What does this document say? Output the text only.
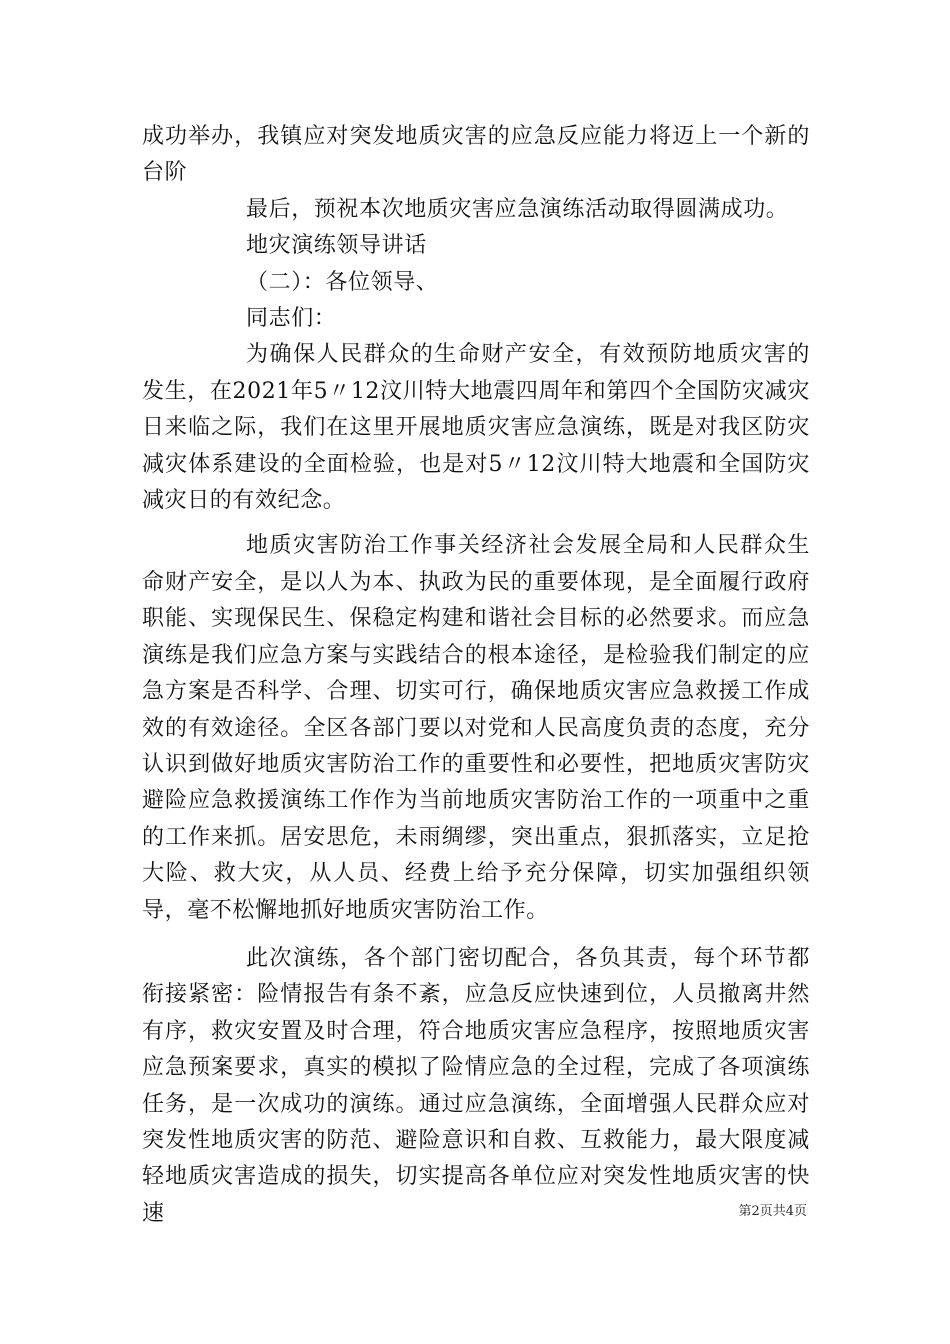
成功举办，我镇应对突发地质灾害的应急反应能力将迈上一个新的台阶

最后，预祝本次地质灾害应急演练活动取得圆满成功。

地灾演练领导讲话

（二）：各位领导、

同志们：

为确保人民群众的生命财产安全，有效预防地质灾害的发生，在2021年5〃12汶川特大地震四周年和第四个全国防灾减灾日来临之际，我们在这里开展地质灾害应急演练，既是对我区防灾减灾体系建设的全面检验，也是对5〃12汶川特大地震和全国防灾减灾日的有效纪念。

地质灾害防治工作事关经济社会发展全局和人民群众生命财产安全，是以人为本、执政为民的重要体现，是全面履行政府职能、实现保民生、保稳定构建和谐社会目标的必然要求。而应急演练是我们应急方案与实践结合的根本途径，是检验我们制定的应急方案是否科学、合理、切实可行，确保地质灾害应急救援工作成效的有效途径。全区各部门要以对党和人民高度负责的态度，充分认识到做好地质灾害防治工作的重要性和必要性，把地质灾害防灾避险应急救援演练工作作为当前地质灾害防治工作的一项重中之重的工作来抓。居安思危，未雨绸缪，突出重点，狠抓落实，立足抢大险、救大灾，从人员、经费上给予充分保障，切实加强组织领导，毫不松懈地抓好地质灾害防治工作。

此次演练，各个部门密切配合，各负其责，每个环节都衔接紧密：险情报告有条不紊，应急反应快速到位，人员撤离井然有序，救灾安置及时合理，符合地质灾害应急程序，按照地质灾害应急预案要求，真实的模拟了险情应急的全过程，完成了各项演练任务，是一次成功的演练。通过应急演练，全面增强人民群众应对突发性地质灾害的防范、避险意识和自救、互救能力，最大限度减轻地质灾害造成的损失，切实提高各单位应对突发性地质灾害的快速	第2页共4页
